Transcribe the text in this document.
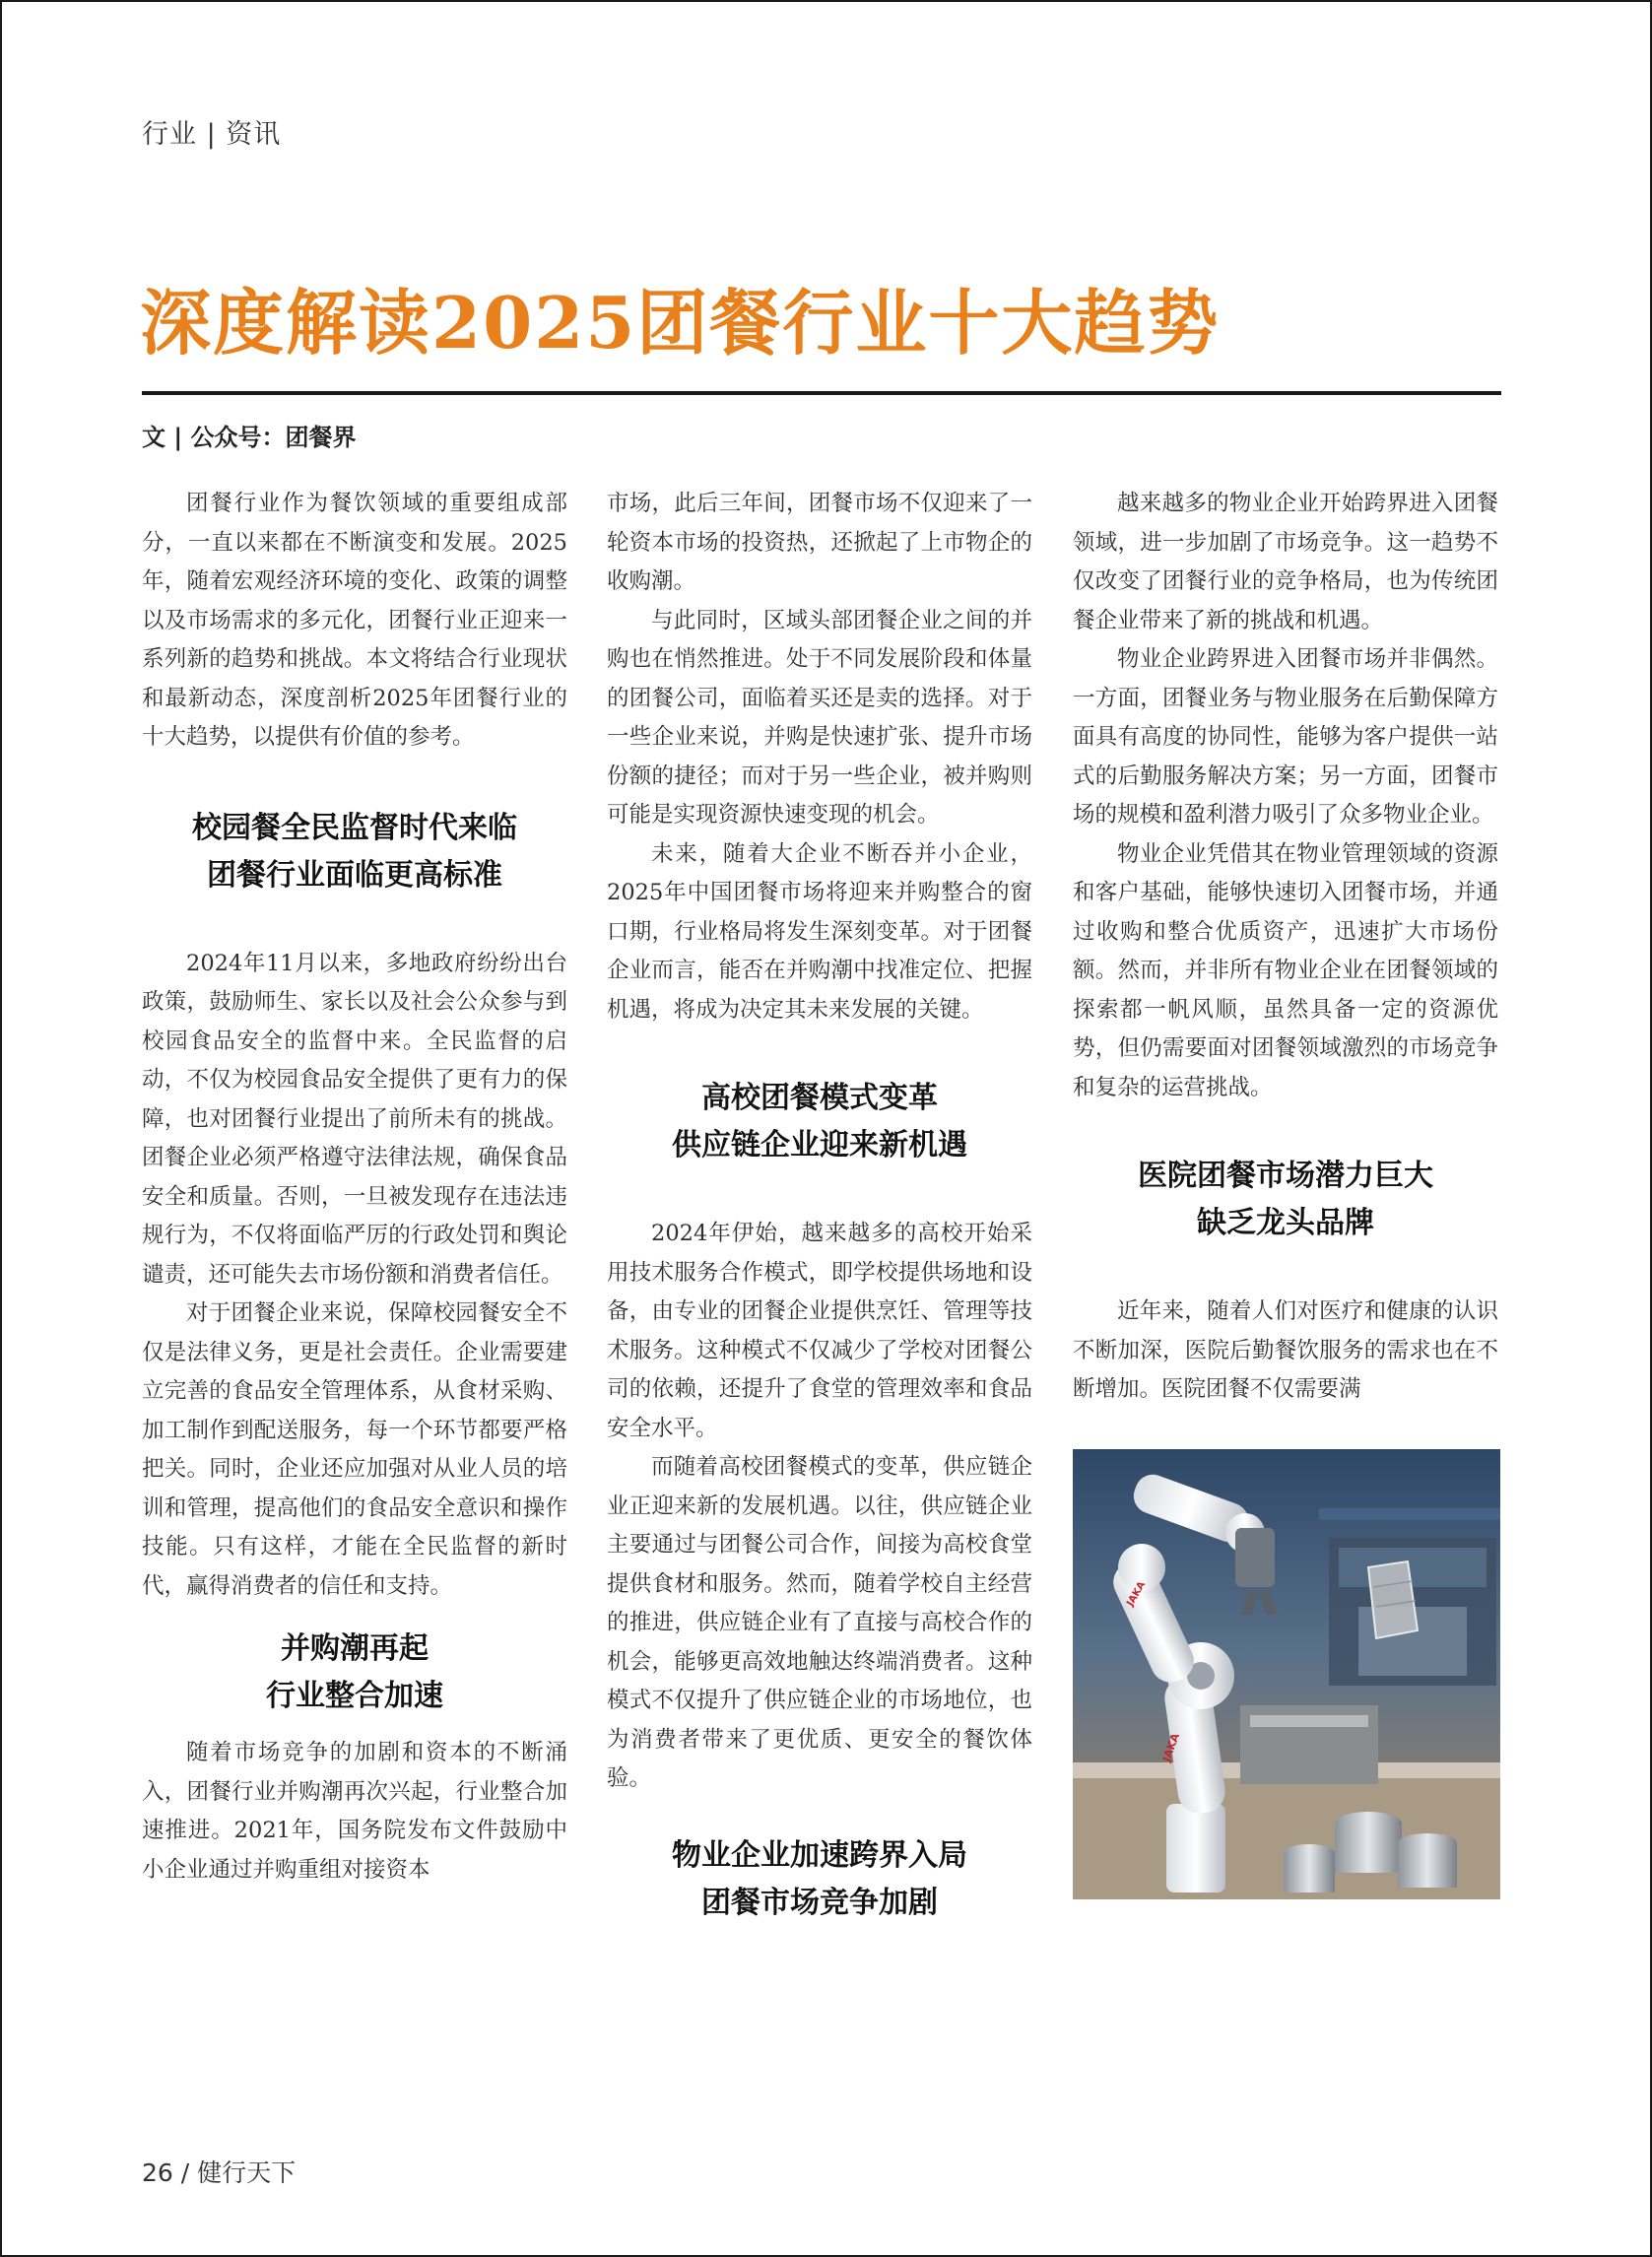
行业 | 资讯
深度解读2025团餐行业十大趋势
文 | 公众号：团餐界

团餐行业作为餐饮领域的重要组成部分，一直以来都在不断演变和发展。2025年，随着宏观经济环境的变化、政策的调整以及市场需求的多元化，团餐行业正迎来一系列新的趋势和挑战。本文将结合行业现状和最新动态，深度剖析2025年团餐行业的十大趋势，以提供有价值的参考。

校园餐全民监督时代来临
团餐行业面临更高标准

2024年11月以来，多地政府纷纷出台政策，鼓励师生、家长以及社会公众参与到校园食品安全的监督中来。全民监督的启动，不仅为校园食品安全提供了更有力的保障，也对团餐行业提出了前所未有的挑战。团餐企业必须严格遵守法律法规，确保食品安全和质量。否则，一旦被发现存在违法违规行为，不仅将面临严厉的行政处罚和舆论谴责，还可能失去市场份额和消费者信任。

对于团餐企业来说，保障校园餐安全不仅是法律义务，更是社会责任。企业需要建立完善的食品安全管理体系，从食材采购、加工制作到配送服务，每一个环节都要严格把关。同时，企业还应加强对从业人员的培训和管理，提高他们的食品安全意识和操作技能。只有这样，才能在全民监督的新时代，赢得消费者的信任和支持。

并购潮再起
行业整合加速

随着市场竞争的加剧和资本的不断涌入，团餐行业并购潮再次兴起，行业整合加速推进。2021年，国务院发布文件鼓励中小企业通过并购重组对接资本

市场，此后三年间，团餐市场不仅迎来了一轮资本市场的投资热，还掀起了上市物企的收购潮。

与此同时，区域头部团餐企业之间的并购也在悄然推进。处于不同发展阶段和体量的团餐公司，面临着买还是卖的选择。对于一些企业来说，并购是快速扩张、提升市场份额的捷径；而对于另一些企业，被并购则可能是实现资源快速变现的机会。

未来，随着大企业不断吞并小企业，2025年中国团餐市场将迎来并购整合的窗口期，行业格局将发生深刻变革。对于团餐企业而言，能否在并购潮中找准定位、把握机遇，将成为决定其未来发展的关键。

高校团餐模式变革
供应链企业迎来新机遇

2024年伊始，越来越多的高校开始采用技术服务合作模式，即学校提供场地和设备，由专业的团餐企业提供烹饪、管理等技术服务。这种模式不仅减少了学校对团餐公司的依赖，还提升了食堂的管理效率和食品安全水平。

而随着高校团餐模式的变革，供应链企业正迎来新的发展机遇。以往，供应链企业主要通过与团餐公司合作，间接为高校食堂提供食材和服务。然而，随着学校自主经营的推进，供应链企业有了直接与高校合作的机会，能够更高效地触达终端消费者。这种模式不仅提升了供应链企业的市场地位，也为消费者带来了更优质、更安全的餐饮体验。

物业企业加速跨界入局
团餐市场竞争加剧

越来越多的物业企业开始跨界进入团餐领域，进一步加剧了市场竞争。这一趋势不仅改变了团餐行业的竞争格局，也为传统团餐企业带来了新的挑战和机遇。

物业企业跨界进入团餐市场并非偶然。一方面，团餐业务与物业服务在后勤保障方面具有高度的协同性，能够为客户提供一站式的后勤服务解决方案；另一方面，团餐市场的规模和盈利潜力吸引了众多物业企业。

物业企业凭借其在物业管理领域的资源和客户基础，能够快速切入团餐市场，并通过收购和整合优质资产，迅速扩大市场份额。然而，并非所有物业企业在团餐领域的探索都一帆风顺，虽然具备一定的资源优势，但仍需要面对团餐领域激烈的市场竞争和复杂的运营挑战。

医院团餐市场潜力巨大
缺乏龙头品牌

近年来，随着人们对医疗和健康的认识不断加深，医院后勤餐饮服务的需求也在不断增加。医院团餐不仅需要满

JAKA
JAKA
26 / 健行天下
